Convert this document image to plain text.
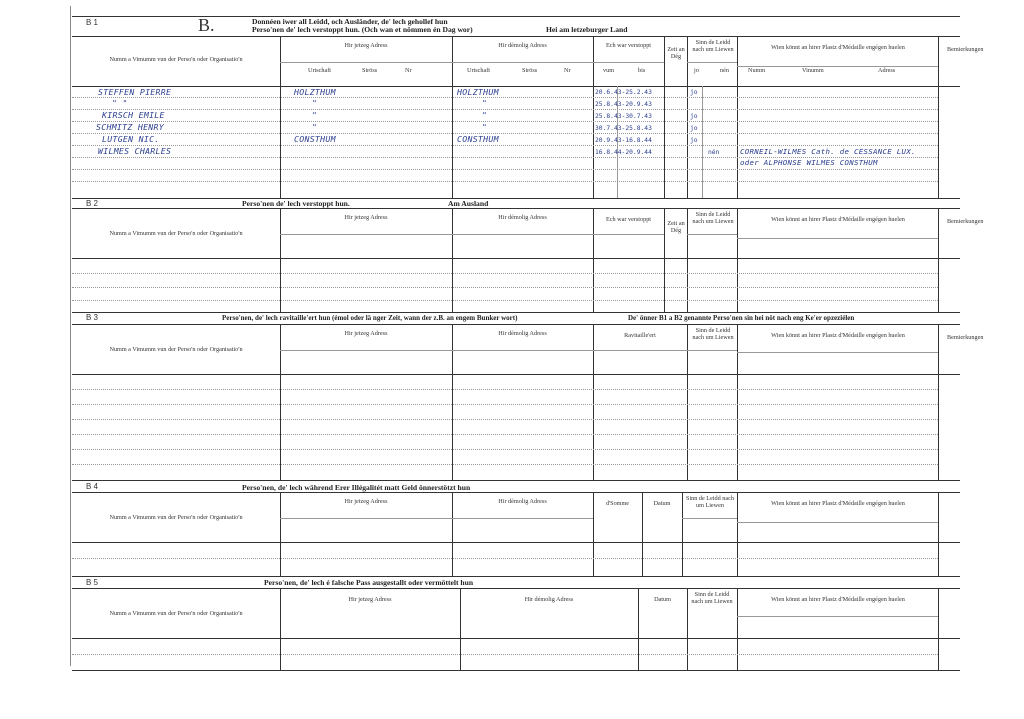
B 1	B.	Donnéen iwer all Leidd, och Ausländer, de' lech gehollef hun
Perso'nen de' lech verstoppt hun. (Och wan et nömmen én Dag wor)	Hei am letzeburger Land
Numm a Vimumm vun der Perso'n oder Organisatio'n
Hir jetzeg Adress	Hir démolig Adress	Ech war verstoppt
Zeit an Dég
Sinn de Leidd nach um Liewen	Wien könnt an hirer Plastz d'Médaille engégen huelen	Bemierkungen
Urtschaft	Ströss	Nr	Urtschaft	Ströss	Nr	vum	bis	jo	nén	Numm	Vinumm	Adress
STEFFEN PIERRE	HOLZTHUM	HOLZTHUM	20.6.43-25.2.43	jo
" "	"	"	25.8.43-20.9.43
KIRSCH EMILE	"	"	25.8.43-30.7.43	jo
SCHMITZ HENRY	"	"	30.7.43-25.8.43	jo
LUTGEN NIC.	CONSTHUM	CONSTHUM	20.9.43-16.8.44	jo
WILMES CHARLES	16.8.44-20.9.44	nén	CORNEIL-WILMES Cath. de CESSANCE LUX.
oder ALPHONSE WILMES CONSTHUM
B 2	Perso'nen de' lech verstoppt hun.	Am Ausland
Numm a Vimumm vun der Perso'n oder Organisatio'n
Hir jetzeg Adress	Hir démolig Adress	Ech war verstoppt
Zeit an Dég
Sinn de Leidd nach um Liewen	Wien könnt an hirer Plastz d'Médaille engégen huelen	Bemierkungen
B 3	Perso'nen, de' lech ravitaille'ert hun (émol oder lä nger Zeit, wann der z.B. an engem Bunker wort)	De' önner B1 a B2 genannte Perso'nen sin hei nöt nach eng Ke'er opzeziélen
Numm a Vimumm vun der Perso'n oder Organisatio'n
Hir jetzeg Adress	Hir démolig Adress	Ravitaille'ert
Sinn de Leidd nach um Liewen	Wien könnt an hirer Plastz d'Médaille engégen huelen	Bemierkungen
B 4	Perso'nen, de' lech während Erer Illégalitét matt Geld önnerstötzt hun
Numm a Vimumm vun der Perso'n oder Organisatio'n
Hir jetzeg Adress	Hir démolig Adress	d'Somme	Datum
Sinn de Leidd nach um Liewen	Wien könnt an hirer Plastz d'Médaille engégen huelen
B 5	Perso'nen, de' lech é falsche Pass ausgestallt oder vermöttelt hun
Numm a Vimumm vun der Perso'n oder Organisatio'n
Hir jetzeg Adress	Hir démolig Adress	Datum
Sinn de Leidd nach um Liewen	Wien könnt an hirer Plastz d'Médaille engégen huelen
